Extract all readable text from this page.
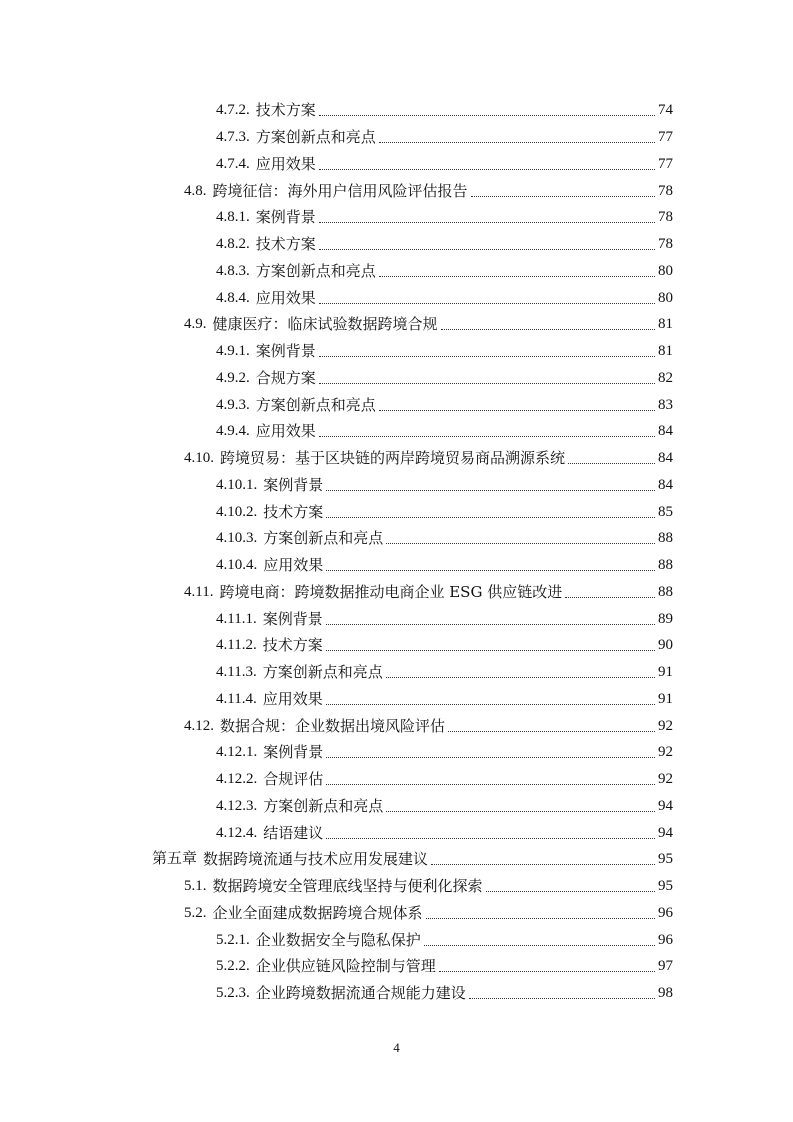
4.7.2. 技术方案	74
4.7.3. 方案创新点和亮点	77
4.7.4. 应用效果	77
4.8. 跨境征信：海外用户信用风险评估报告	78
4.8.1. 案例背景	78
4.8.2. 技术方案	78
4.8.3. 方案创新点和亮点	80
4.8.4. 应用效果	80
4.9. 健康医疗：临床试验数据跨境合规	81
4.9.1. 案例背景	81
4.9.2. 合规方案	82
4.9.3. 方案创新点和亮点	83
4.9.4. 应用效果	84
4.10. 跨境贸易：基于区块链的两岸跨境贸易商品溯源系统	84
4.10.1. 案例背景	84
4.10.2. 技术方案	85
4.10.3. 方案创新点和亮点	88
4.10.4. 应用效果	88
4.11. 跨境电商：跨境数据推动电商企业 ESG 供应链改进	88
4.11.1. 案例背景	89
4.11.2. 技术方案	90
4.11.3. 方案创新点和亮点	91
4.11.4. 应用效果	91
4.12. 数据合规：企业数据出境风险评估	92
4.12.1. 案例背景	92
4.12.2. 合规评估	92
4.12.3. 方案创新点和亮点	94
4.12.4. 结语建议	94
第五章 数据跨境流通与技术应用发展建议	95
5.1. 数据跨境安全管理底线坚持与便利化探索	95
5.2. 企业全面建成数据跨境合规体系	96
5.2.1. 企业数据安全与隐私保护	96
5.2.2. 企业供应链风险控制与管理	97
5.2.3. 企业跨境数据流通合规能力建设	98
4
